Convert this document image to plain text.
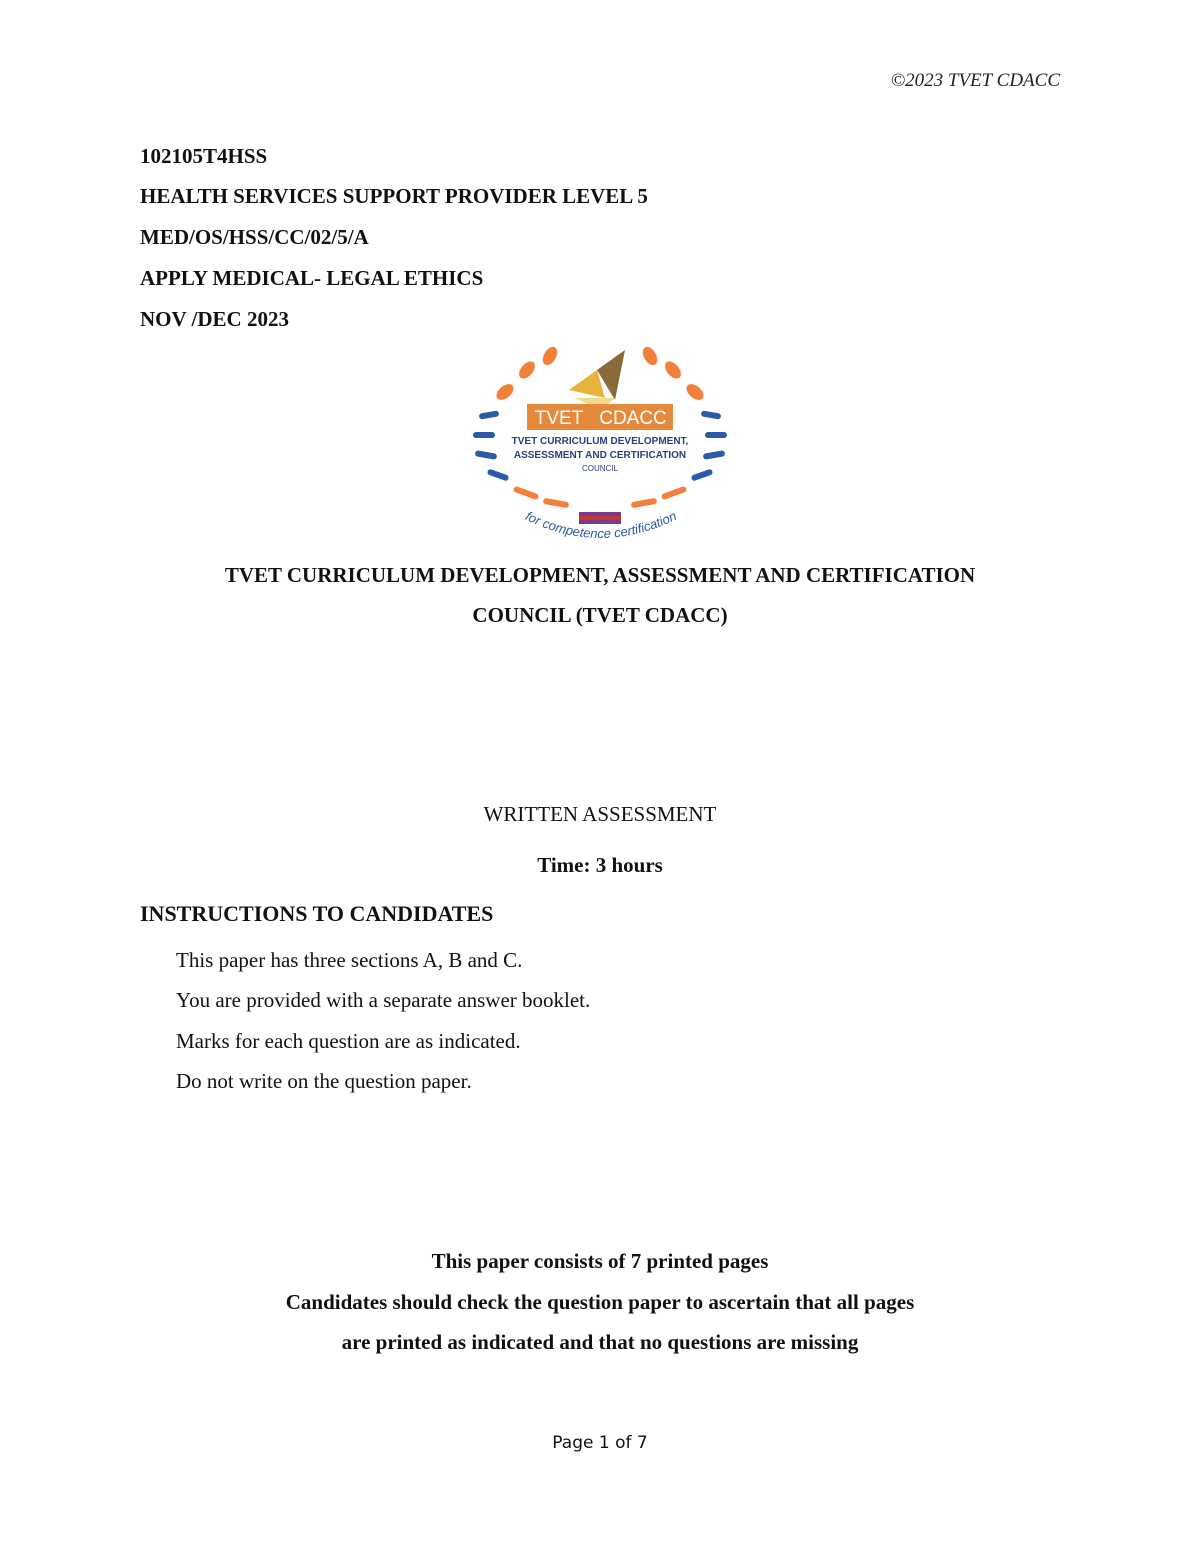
©2023 TVET CDACC
102105T4HSS
HEALTH SERVICES SUPPORT PROVIDER LEVEL 5
MED/OS/HSS/CC/02/5/A
APPLY MEDICAL- LEGAL ETHICS
NOV /DEC 2023
TVET CDACC
TVET CURRICULUM DEVELOPMENT,
ASSESSMENT AND CERTIFICATION
COUNCIL
for competence certification
TVET CURRICULUM DEVELOPMENT, ASSESSMENT AND CERTIFICATION
COUNCIL (TVET CDACC)
WRITTEN ASSESSMENT
Time: 3 hours
INSTRUCTIONS TO CANDIDATES
This paper has three sections A, B and C.
You are provided with a separate answer booklet.
Marks for each question are as indicated.
Do not write on the question paper.
This paper consists of 7 printed pages
Candidates should check the question paper to ascertain that all pages
are printed as indicated and that no questions are missing
Page 1 of 7
